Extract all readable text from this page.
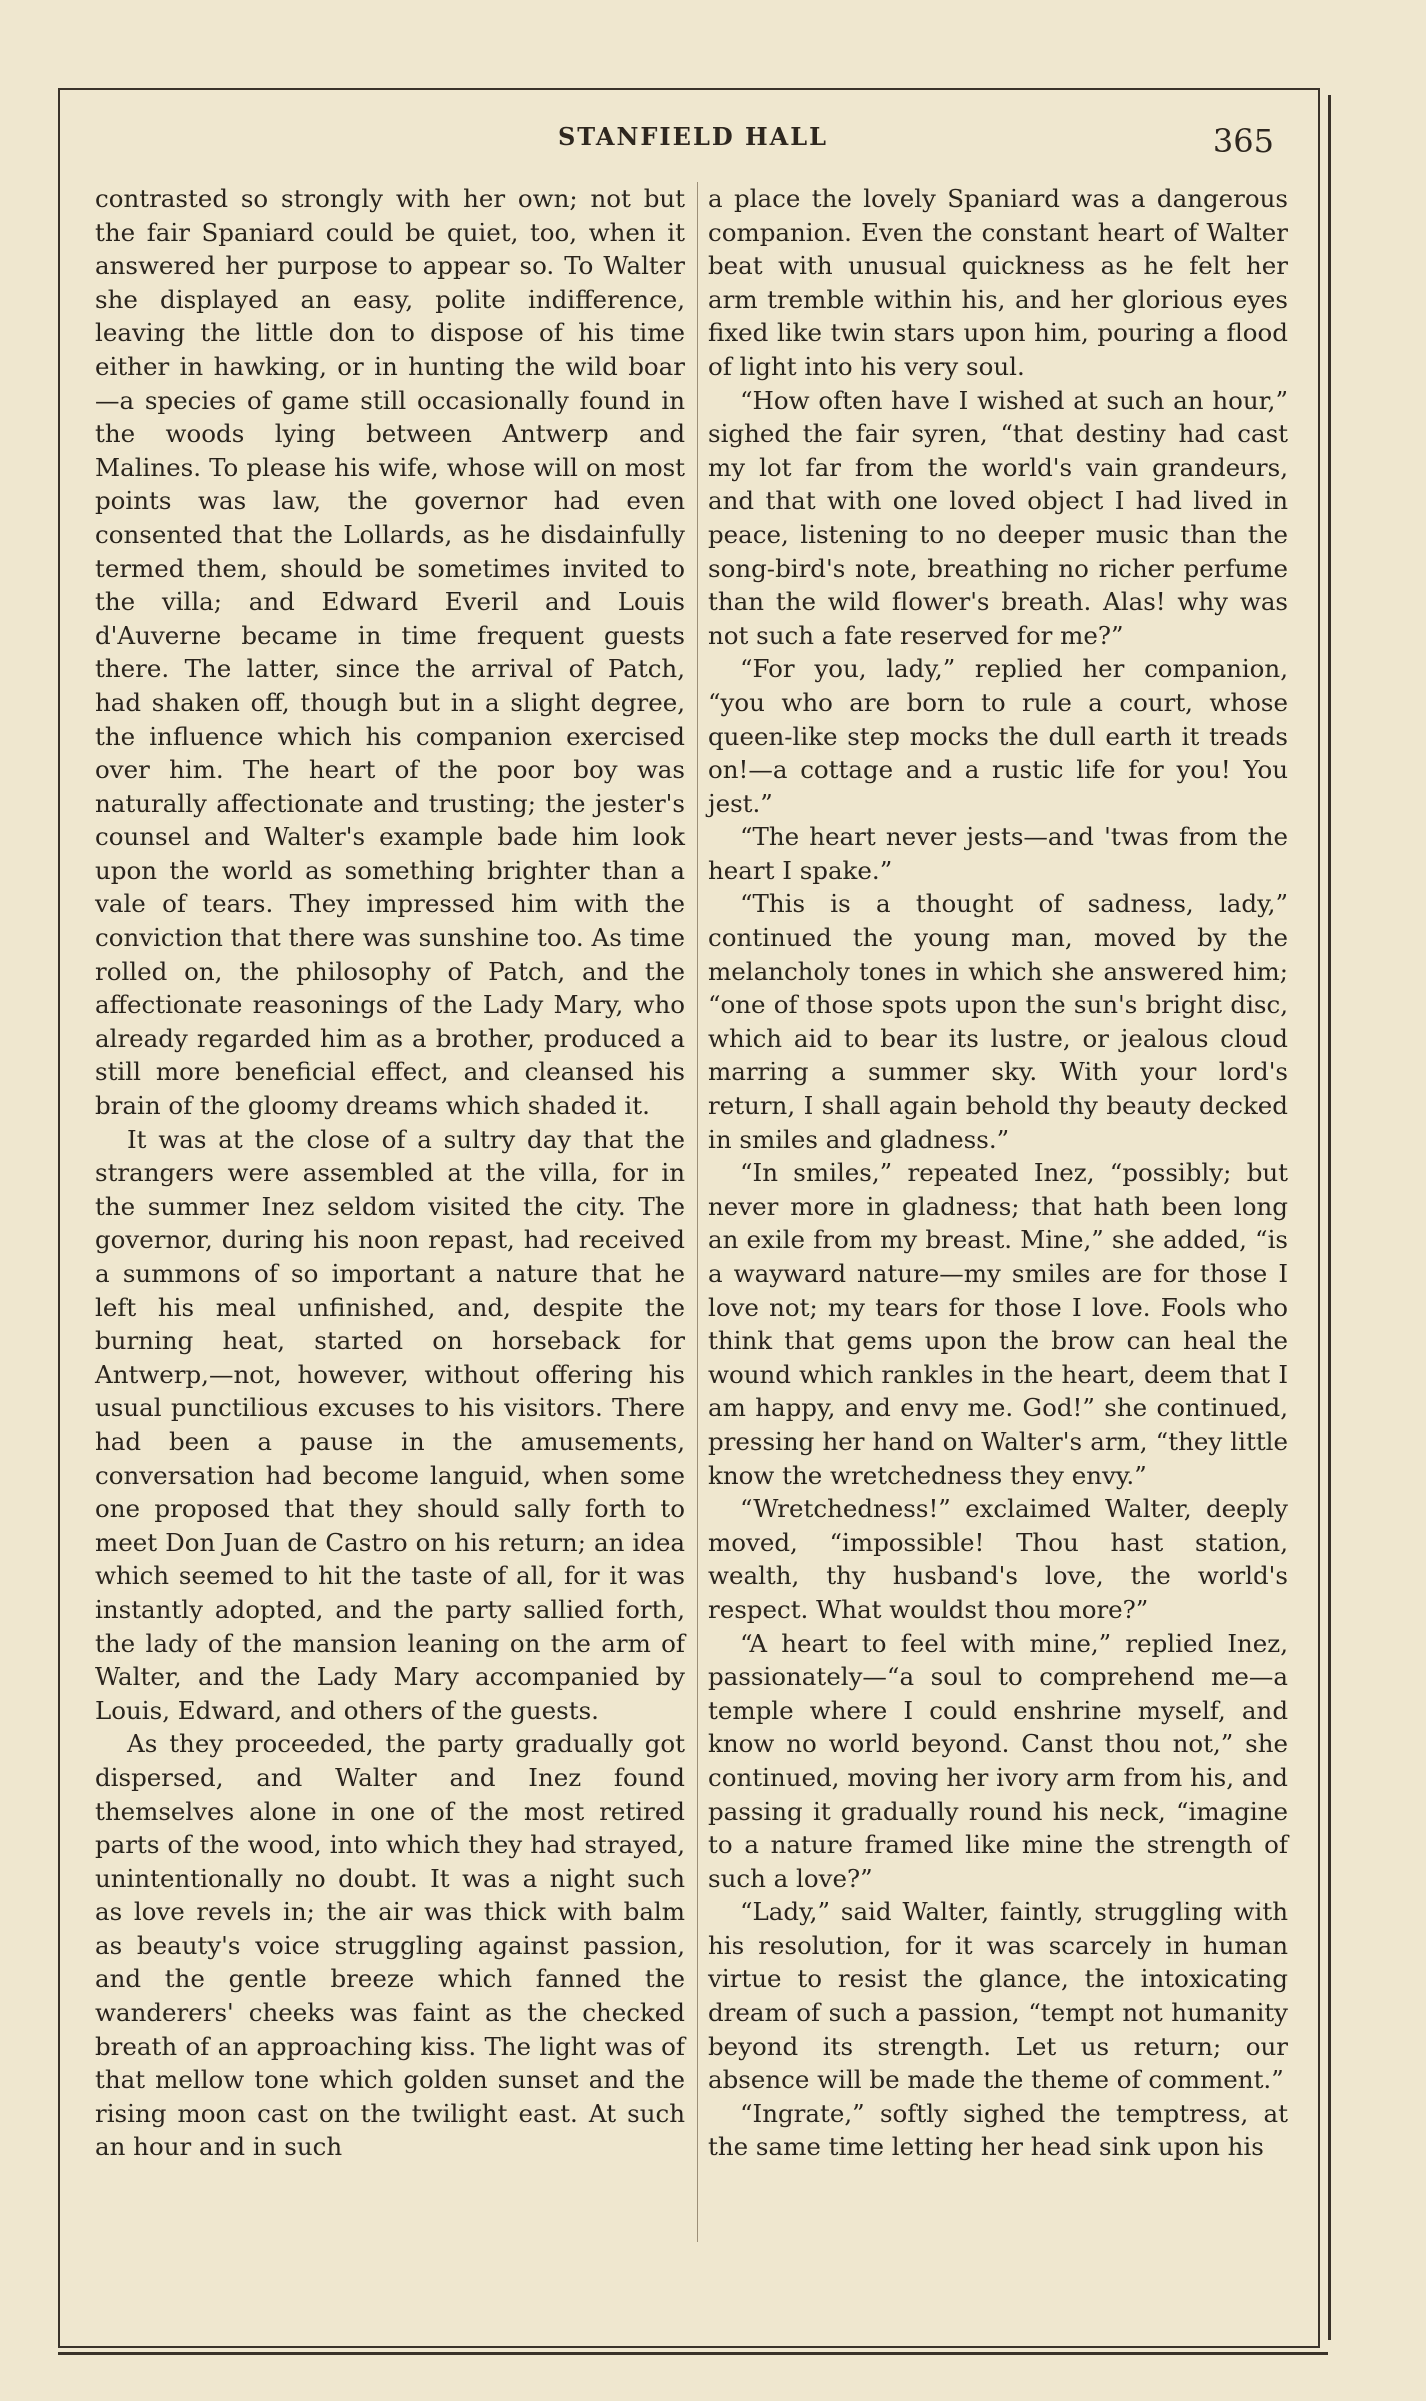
STANFIELD HALL	365

contrasted so strongly with her own; not but the fair Spaniard could be quiet, too, when it answered her purpose to appear so. To Walter she displayed an easy, polite indifference, leaving the little don to dispose of his time either in hawking, or in hunting the wild boar—a species of game still occasionally found in the woods lying between Antwerp and Malines. To please his wife, whose will on most points was law, the governor had even consented that the Lollards, as he disdainfully termed them, should be sometimes invited to the villa; and Edward Everil and Louis d'Auverne became in time frequent guests there. The latter, since the arrival of Patch, had shaken off, though but in a slight degree, the influence which his companion exercised over him. The heart of the poor boy was naturally affectionate and trusting; the jester's counsel and Walter's example bade him look upon the world as something brighter than a vale of tears. They impressed him with the conviction that there was sunshine too. As time rolled on, the philosophy of Patch, and the affectionate reasonings of the Lady Mary, who already regarded him as a brother, produced a still more beneficial effect, and cleansed his brain of the gloomy dreams which shaded it.

It was at the close of a sultry day that the strangers were assembled at the villa, for in the summer Inez seldom visited the city. The governor, during his noon repast, had received a summons of so important a nature that he left his meal unfinished, and, despite the burning heat, started on horseback for Antwerp,—not, however, without offering his usual punctilious excuses to his visitors. There had been a pause in the amusements, conversation had become languid, when some one proposed that they should sally forth to meet Don Juan de Castro on his return; an idea which seemed to hit the taste of all, for it was instantly adopted, and the party sallied forth, the lady of the mansion leaning on the arm of Walter, and the Lady Mary accompanied by Louis, Edward, and others of the guests.

As they proceeded, the party gradually got dispersed, and Walter and Inez found themselves alone in one of the most retired parts of the wood, into which they had strayed, unintentionally no doubt. It was a night such as love revels in; the air was thick with balm as beauty's voice struggling against passion, and the gentle breeze which fanned the wanderers' cheeks was faint as the checked breath of an approaching kiss. The light was of that mellow tone which golden sunset and the rising moon cast on the twilight east. At such an hour and in such

a place the lovely Spaniard was a dangerous companion. Even the constant heart of Walter beat with unusual quickness as he felt her arm tremble within his, and her glorious eyes fixed like twin stars upon him, pouring a flood of light into his very soul.

“How often have I wished at such an hour,” sighed the fair syren, “that destiny had cast my lot far from the world's vain grandeurs, and that with one loved object I had lived in peace, listening to no deeper music than the song-bird's note, breathing no richer perfume than the wild flower's breath. Alas! why was not such a fate reserved for me?”

“For you, lady,” replied her companion, “you who are born to rule a court, whose queen-like step mocks the dull earth it treads on!—a cottage and a rustic life for you! You jest.”

“The heart never jests—and 'twas from the heart I spake.”

“This is a thought of sadness, lady,” continued the young man, moved by the melancholy tones in which she answered him; “one of those spots upon the sun's bright disc, which aid to bear its lustre, or jealous cloud marring a summer sky. With your lord's return, I shall again behold thy beauty decked in smiles and gladness.”

“In smiles,” repeated Inez, “possibly; but never more in gladness; that hath been long an exile from my breast. Mine,” she added, “is a wayward nature—my smiles are for those I love not; my tears for those I love. Fools who think that gems upon the brow can heal the wound which rankles in the heart, deem that I am happy, and envy me. God!” she continued, pressing her hand on Walter's arm, “they little know the wretchedness they envy.”

“Wretchedness!” exclaimed Walter, deeply moved, “impossible! Thou hast station, wealth, thy husband's love, the world's respect. What wouldst thou more?”

“A heart to feel with mine,” replied Inez, passionately—“a soul to comprehend me—a temple where I could enshrine myself, and know no world beyond. Canst thou not,” she continued, moving her ivory arm from his, and passing it gradually round his neck, “imagine to a nature framed like mine the strength of such a love?”

“Lady,” said Walter, faintly, struggling with his resolution, for it was scarcely in human virtue to resist the glance, the intoxicating dream of such a passion, “tempt not humanity beyond its strength. Let us return; our absence will be made the theme of comment.”

“Ingrate,” softly sighed the temptress, at the same time letting her head sink upon his
